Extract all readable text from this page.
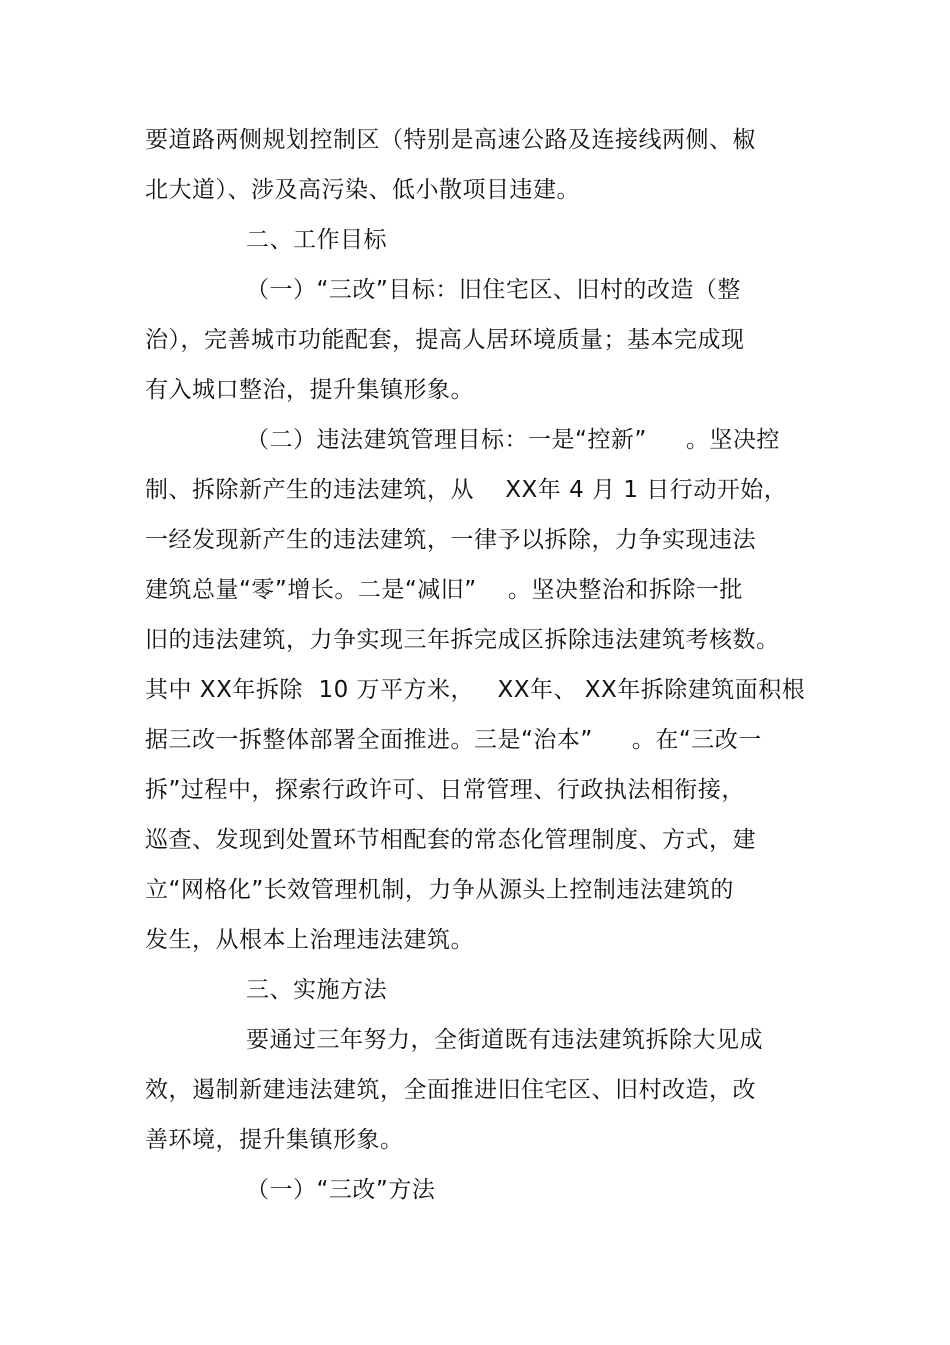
要道路两侧规划控制区（特别是高速公路及连接线两侧、椒
北大道）、涉及高污染、低小散项目违建。
二、工作目标
（一）“三改”目标：旧住宅区、旧村的改造（整
治），完善城市功能配套，提高人居环境质量；基本完成现
有入城口整治，提升集镇形象。
（二）违法建筑管理目标：一是“控新”     。坚决控
制、拆除新产生的违法建筑，从    XX年 4 月 1 日行动开始，
一经发现新产生的违法建筑，一律予以拆除，力争实现违法
建筑总量“零”增长。二是“减旧”    。坚决整治和拆除一批
旧的违法建筑，力争实现三年拆完成区拆除违法建筑考核数。
其中 XX年拆除  10 万平方米，   XX年、 XX年拆除建筑面积根
据三改一拆整体部署全面推进。三是“治本”     。在“三改一
拆”过程中，探索行政许可、日常管理、行政执法相衔接，
巡查、发现到处置环节相配套的常态化管理制度、方式，建
立“网格化”长效管理机制，力争从源头上控制违法建筑的
发生，从根本上治理违法建筑。
三、实施方法
要通过三年努力，全街道既有违法建筑拆除大见成
效，遏制新建违法建筑，全面推进旧住宅区、旧村改造，改
善环境，提升集镇形象。
（一）“三改”方法
